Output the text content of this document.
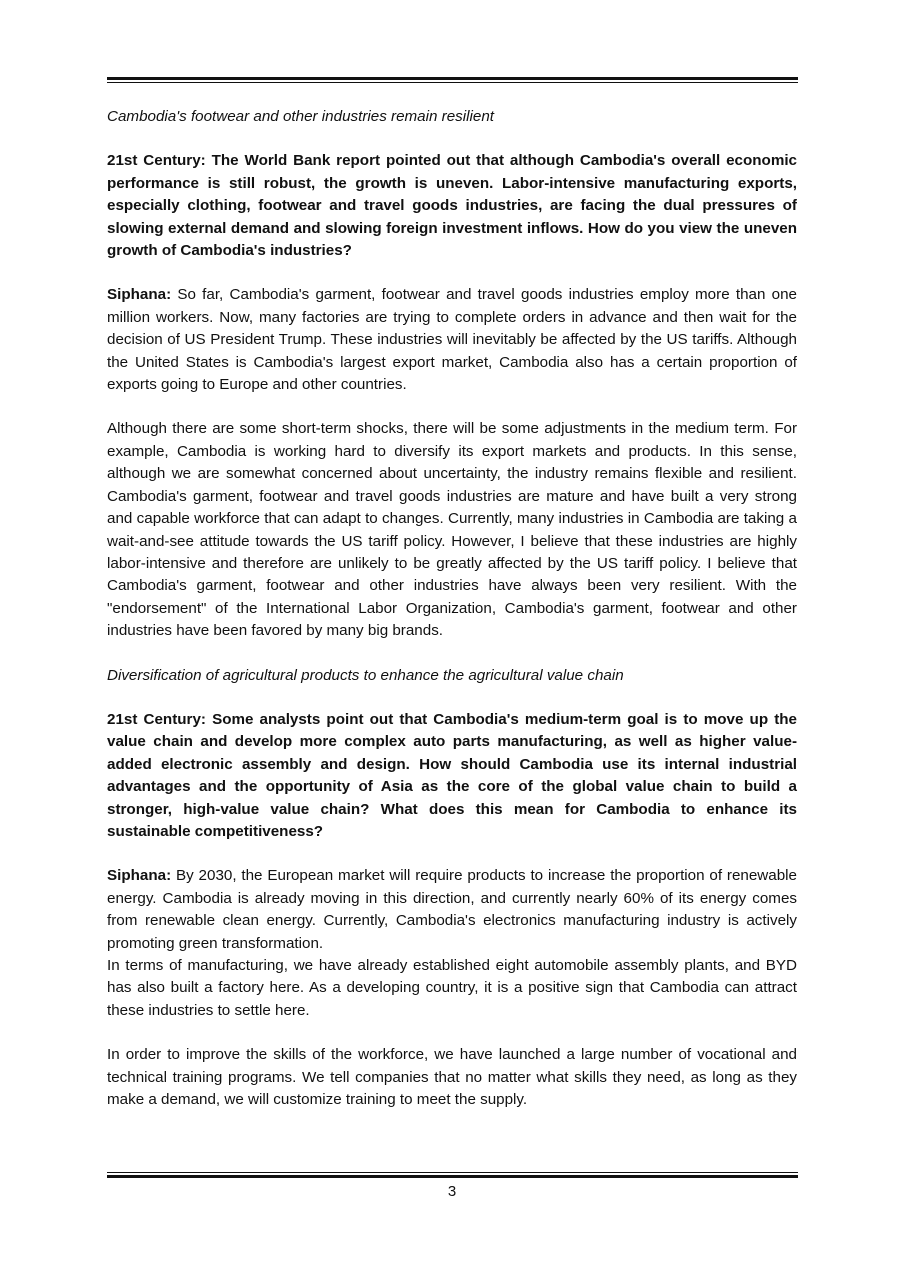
Cambodia's footwear and other industries remain resilient

21st Century: The World Bank report pointed out that although Cambodia's overall economic performance is still robust, the growth is uneven. Labor-intensive manufacturing exports, especially clothing, footwear and travel goods industries, are facing the dual pressures of slowing external demand and slowing foreign investment inflows. How do you view the uneven growth of Cambodia's industries?

Siphana: So far, Cambodia's garment, footwear and travel goods industries employ more than one million workers. Now, many factories are trying to complete orders in advance and then wait for the decision of US President Trump. These industries will inevitably be affected by the US tariffs. Although the United States is Cambodia's largest export market, Cambodia also has a certain proportion of exports going to Europe and other countries.

Although there are some short-term shocks, there will be some adjustments in the medium term. For example, Cambodia is working hard to diversify its export markets and products. In this sense, although we are somewhat concerned about uncertainty, the industry remains flexible and resilient. Cambodia's garment, footwear and travel goods industries are mature and have built a very strong and capable workforce that can adapt to changes. Currently, many industries in Cambodia are taking a wait-and-see attitude towards the US tariff policy. However, I believe that these industries are highly labor-intensive and therefore are unlikely to be greatly affected by the US tariff policy. I believe that Cambodia's garment, footwear and other industries have always been very resilient. With the "endorsement" of the International Labor Organization, Cambodia's garment, footwear and other industries have been favored by many big brands.

Diversification of agricultural products to enhance the agricultural value chain

21st Century: Some analysts point out that Cambodia's medium-term goal is to move up the value chain and develop more complex auto parts manufacturing, as well as higher value-added electronic assembly and design. How should Cambodia use its internal industrial advantages and the opportunity of Asia as the core of the global value chain to build a stronger, high-value value chain? What does this mean for Cambodia to enhance its sustainable competitiveness?

Siphana: By 2030, the European market will require products to increase the proportion of renewable energy. Cambodia is already moving in this direction, and currently nearly 60% of its energy comes from renewable clean energy. Currently, Cambodia's electronics manufacturing industry is actively promoting green transformation.

In terms of manufacturing, we have already established eight automobile assembly plants, and BYD has also built a factory here. As a developing country, it is a positive sign that Cambodia can attract these industries to settle here.

In order to improve the skills of the workforce, we have launched a large number of vocational and technical training programs. We tell companies that no matter what skills they need, as long as they make a demand, we will customize training to meet the supply.

3
